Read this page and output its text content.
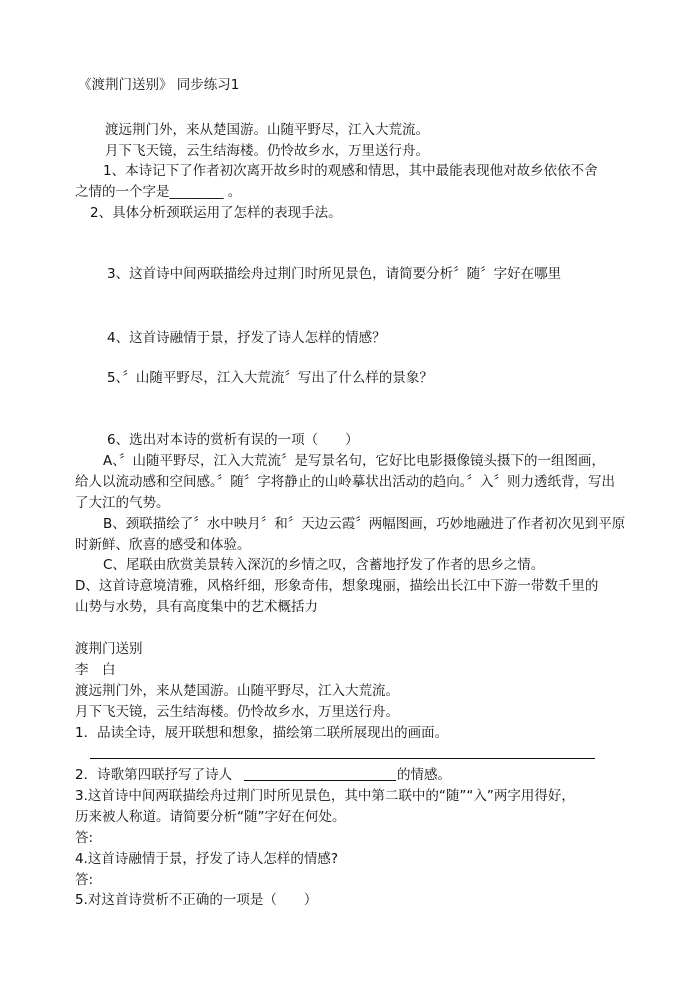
《渡荆门送别》 同步练习1
渡远荆门外，来从楚国游。山随平野尽，江入大荒流。
月下飞天镜，云生结海楼。仍怜故乡水，万里送行舟。
1、本诗记下了作者初次离开故乡时的观感和情思，其中最能表现他对故乡依依不舍
之情的一个字是________ 。
2、具体分析颈联运用了怎样的表现手法。
3、这首诗中间两联描绘舟过荆门时所见景色，请简要分析〞随〞字好在哪里
4、这首诗融情于景，抒发了诗人怎样的情感？
5、〞山随平野尽，江入大荒流〞写出了什么样的景象？
6、选出对本诗的赏析有误的一项（　　）
A、〞山随平野尽，江入大荒流〞是写景名句，它好比电影摄像镜头摄下的一组图画，
给人以流动感和空间感。〞随〞字将静止的山岭摹状出活动的趋向。〞入〞则力透纸背，写出
了大江的气势。
B、颈联描绘了〞水中映月〞和〞天边云霞〞两幅图画，巧妙地融进了作者初次见到平原
时新鲜、欣喜的感受和体验。
C、尾联由欣赏美景转入深沉的乡情之叹，含蓄地抒发了作者的思乡之情。
D、这首诗意境清雅，风格纤细，形象奇伟，想象瑰丽，描绘出长江中下游一带数千里的
山势与水势，具有高度集中的艺术概括力
渡荆门送别
李　白
渡远荆门外，来从楚国游。山随平野尽，江入大荒流。
月下飞天镜，云生结海楼。仍怜故乡水，万里送行舟。
1．品读全诗，展开联想和想象，描绘第二联所展现出的画面。
2．诗歌第四联抒写了诗人	的情感。
3.这首诗中间两联描绘舟过荆门时所见景色，其中第二联中的“随”“入”两字用得好，
历来被人称道。请简要分析“随”字好在何处。
答:
4.这首诗融情于景，抒发了诗人怎样的情感?
答:
5.对这首诗赏析不正确的一项是（　　）
